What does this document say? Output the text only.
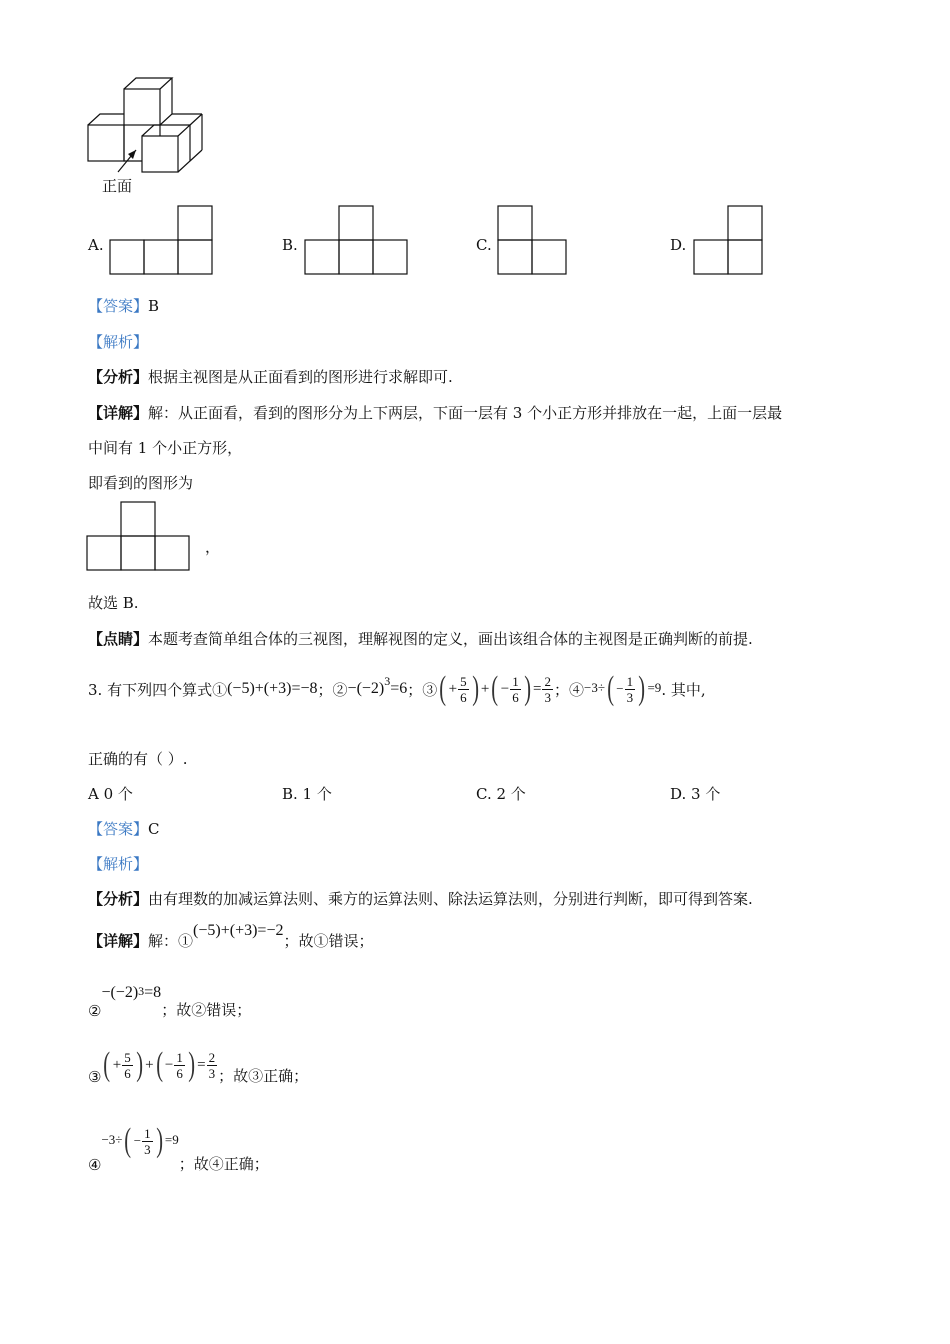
正面
A.	B.	C.	D.
【答案】B
【解析】
【分析】根据主视图是从正面看到的图形进行求解即可.
【详解】解：从正面看，看到的图形分为上下两层，下面一层有 3 个小正方形并排放在一起，上面一层最
中间有 1 个小正方形，
即看到的图形为
，
故选 B.
【点睛】本题考查简单组合体的三视图，理解视图的定义，画出该组合体的主视图是正确判断的前提.
3. 有下列四个算式① (−5)+(+3)=−8 ；② $-(-2)^3 =6$ ；③ ( + $\frac{5}{6}$ ) + ( − $\frac{1}{6}$ ) = $\frac{2}{3}$ ；④ −3÷ ( − $\frac{1}{3}$ ) =9 . 其中,
正确的有（ ）.
A 0 个	B. 1 个	C. 2 个	D. 3 个
【答案】C
【解析】
【分析】由有理数的加减运算法则、乘方的运算法则、除法运算法则，分别进行判断，即可得到答案.
【详解】 解：①
(−5)+(+3)=−2
；故①错误；
②
−(−2) 3 =8
；故②错误；
③ ( + $\frac{5}{6}$ ) + ( − $\frac{1}{6}$ ) = $\frac{2}{3}$ ；故③正确；
④
−3÷ ( − $\frac{1}{3}$ ) =9
；故④正确；
